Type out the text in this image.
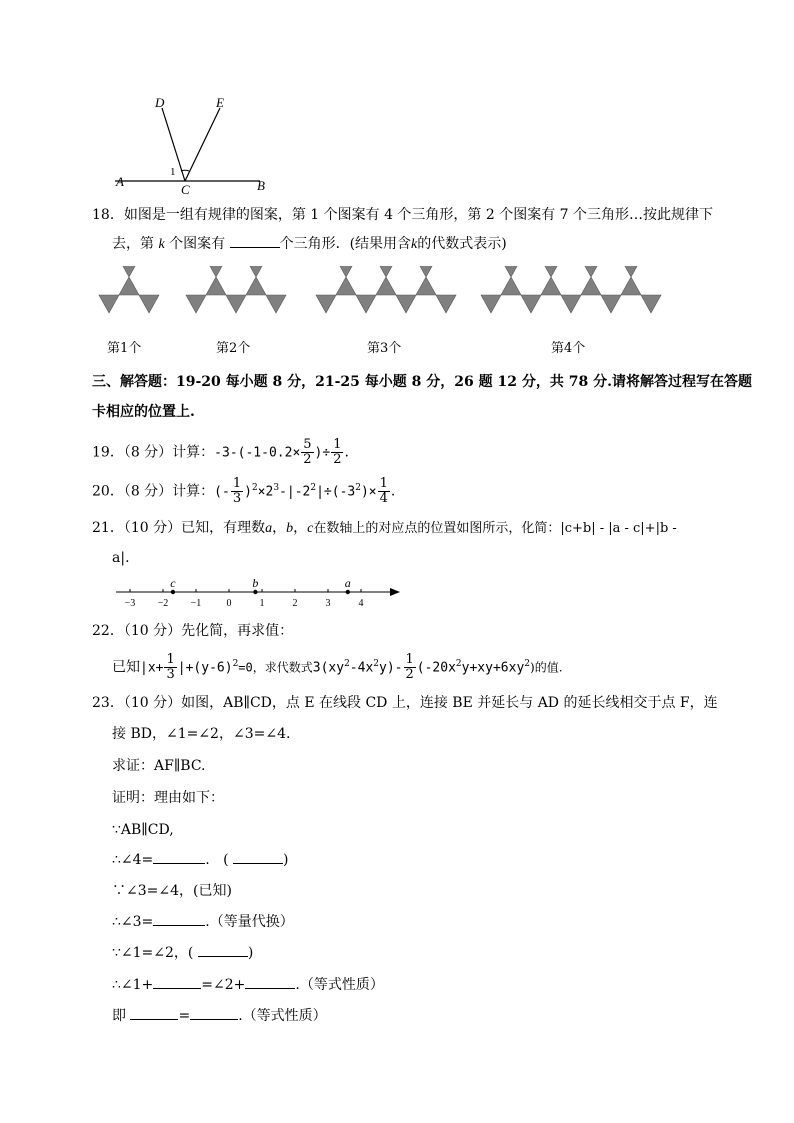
D	E
1
A
C	B
18．如图是一组有规律的图案，第 1 个图案有 4 个三角形，第 2 个图案有 7 个三角形…按此规律下
去，第 k 个图案有	个三角形．(结果用含k的代数式表示)
第1个	第2个	第3个	第4个
三、解答题：19-20 每小题 8 分，21-25 每小题 8 分，26 题 12 分，共 78 分.请将解答过程写在答题
卡相应的位置上.
19．（8 分）计算：$-3-(-1-0.2\times \frac{5}{2}$ )÷ $\frac{1}{2}$ .
20．（8 分）计算：(- $\frac{1}{3} )^2\times 2^3-|-2^2|\div(-3^2)\times \frac{1}{4}$ .
21．（10 分）已知，有理数a，b，c在数轴上的对应点的位置如图所示，化简：|c+b| - |a - c|+|b -
a|.
−3 −2 −1	0	1	2	3	4
c	b	a
22．（10 分）先化简，再求值：
已知$|x+ \frac{1}{3} |+(y-6)^2=0$，求代数式$3(xy^2-4x^2y)- \frac{1}{2} (-20x^2y+xy+6xy^2)$的值.
23．（10 分）如图，AB∥CD，点 E 在线段 CD 上，连接 BE 并延长与 AD 的延长线相交于点 F，连
接 BD，∠1=∠2，∠3=∠4.
求证：AF∥BC.
证明：理由如下：
∵AB∥CD,
∴∠4=	. (	)
∵∠3=∠4，(已知)
∴∠3=	.（等量代换）
∵∠1=∠2，(	)
∴∠1+	=∠2+	.（等式性质）
即	=	.（等式性质）
